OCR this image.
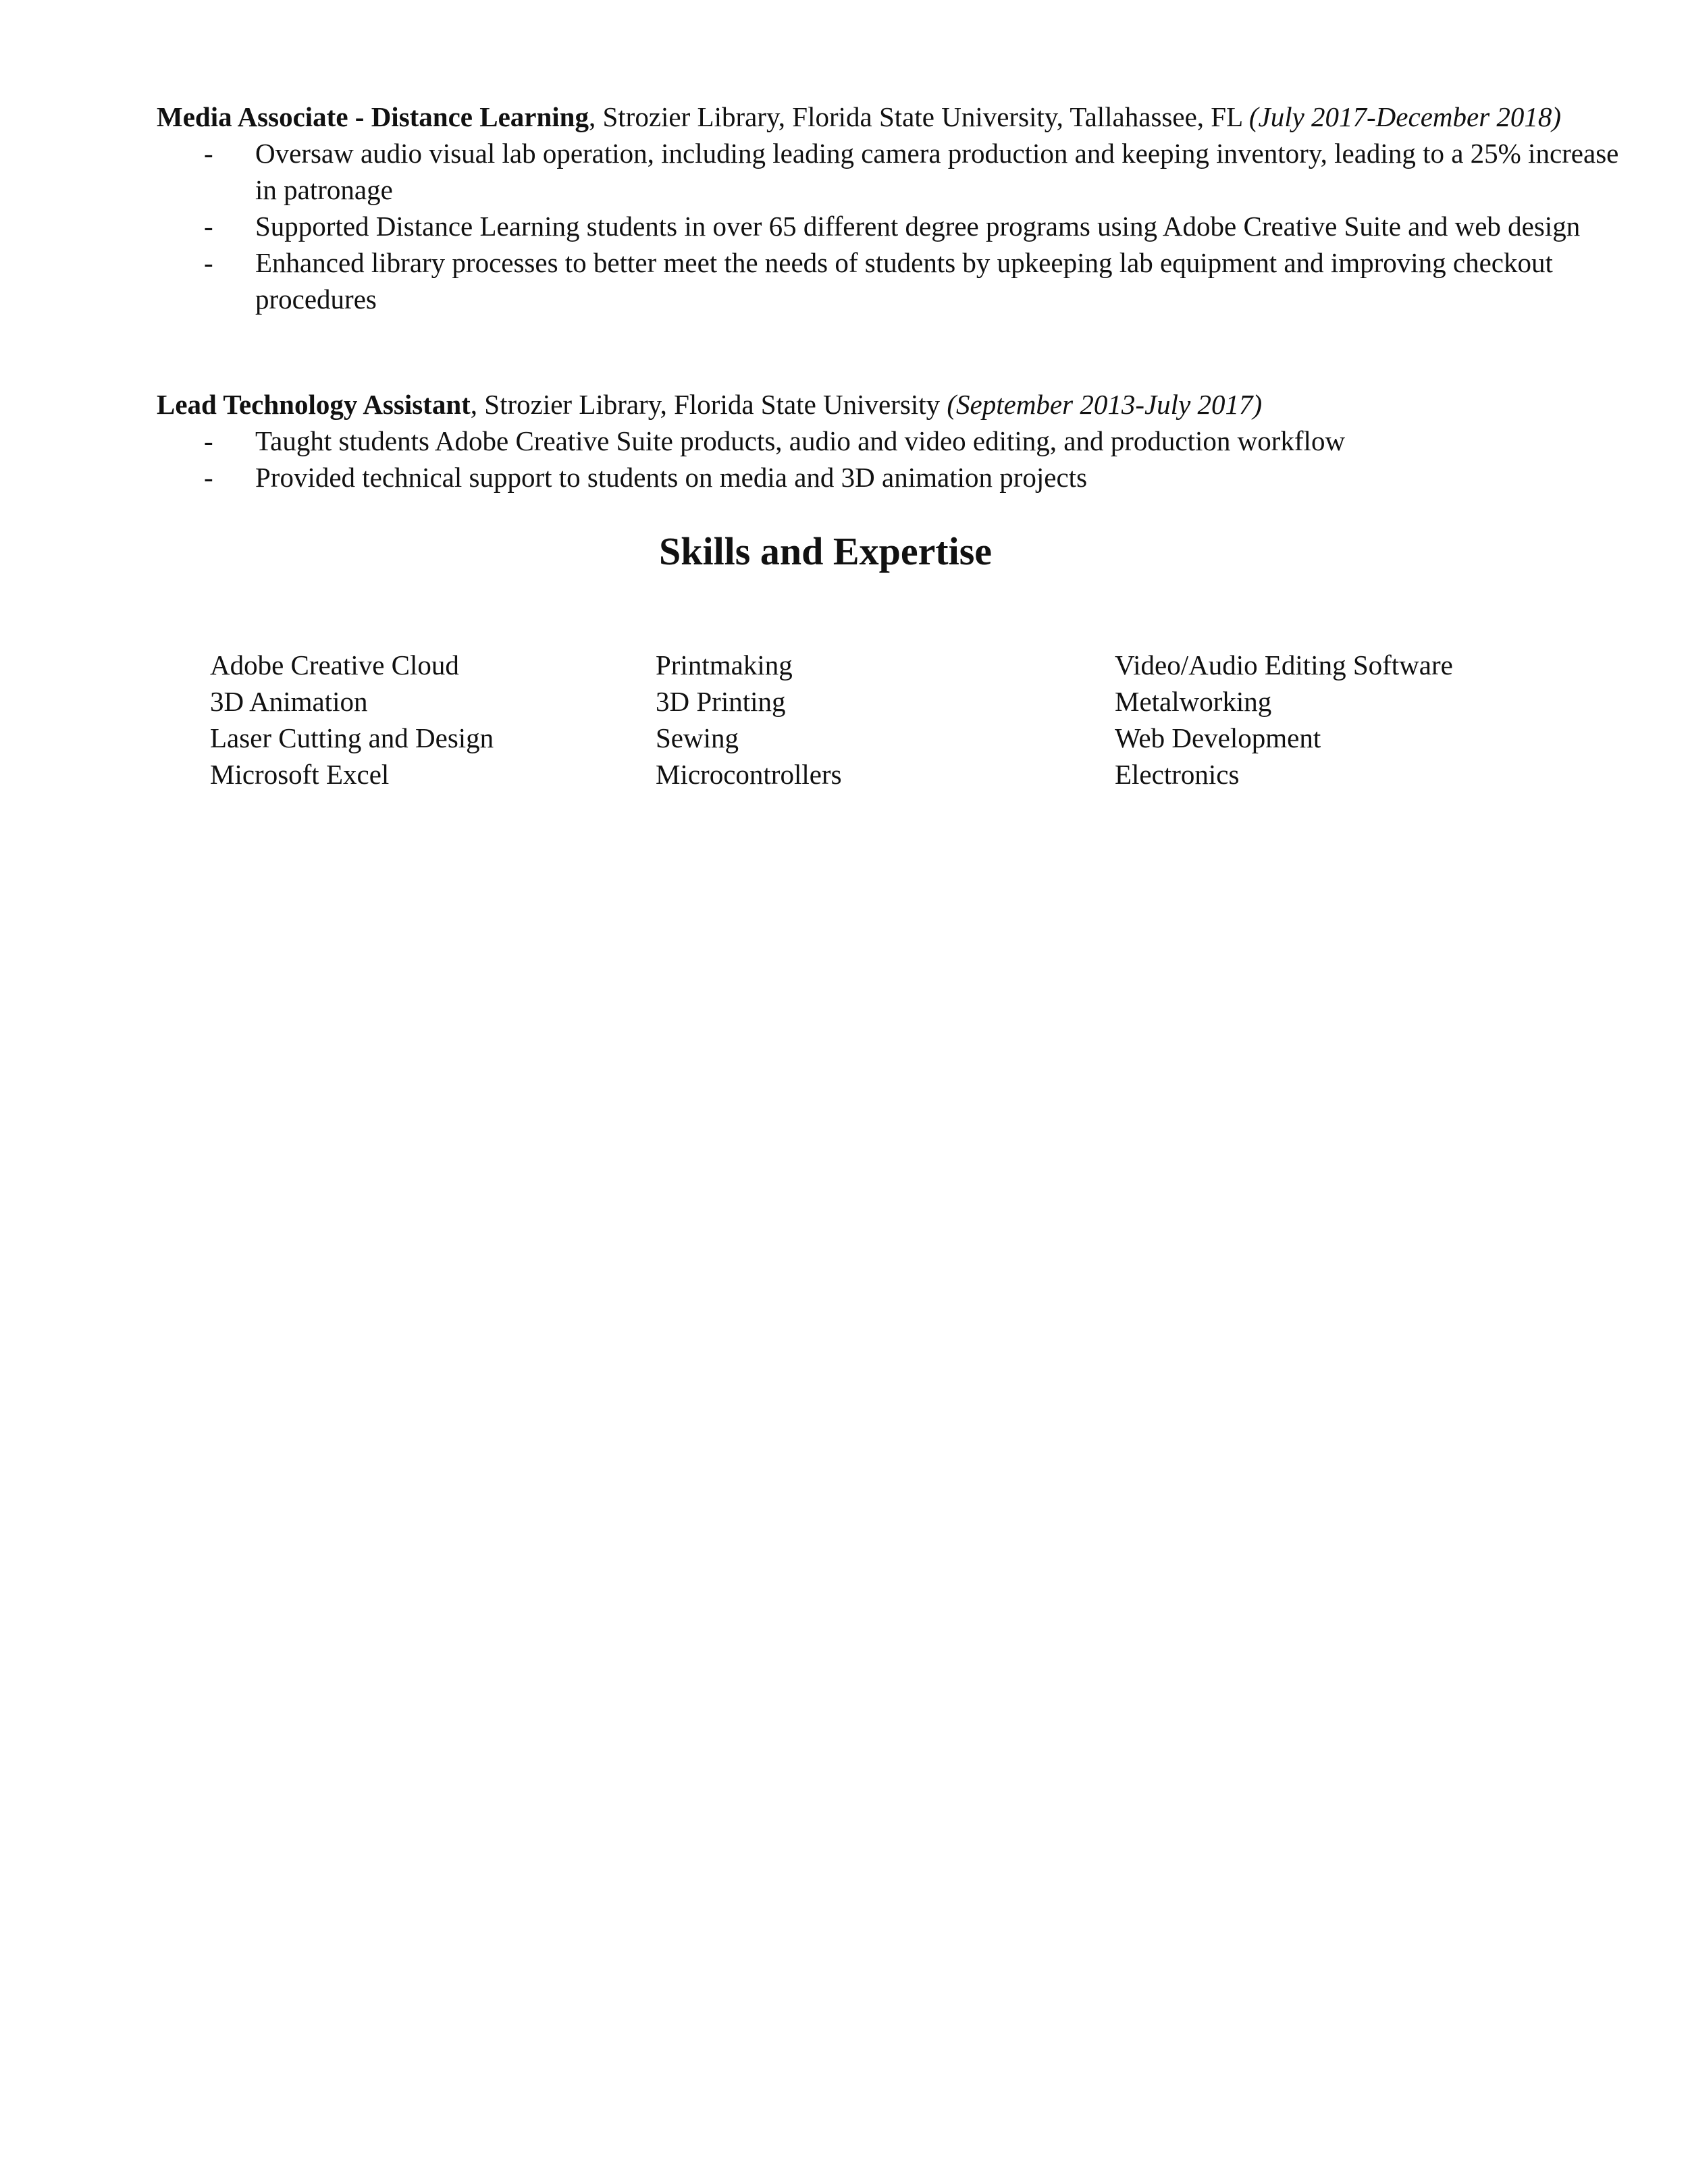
Media Associate - Distance Learning, Strozier Library, Florida State University, Tallahassee, FL (July 2017-December 2018)
- Oversaw audio visual lab operation, including leading camera production and keeping inventory, leading to a 25% increase in patronage
- Supported Distance Learning students in over 65 different degree programs using Adobe Creative Suite and web design
- Enhanced library processes to better meet the needs of students by upkeeping lab equipment and improving checkout procedures
Lead Technology Assistant, Strozier Library, Florida State University (September 2013-July 2017)
- Taught students Adobe Creative Suite products, audio and video editing, and production workflow
- Provided technical support to students on media and 3D animation projects
Skills and Expertise
Adobe Creative Cloud
3D Animation
Laser Cutting and Design
Microsoft Excel
Printmaking
3D Printing
Sewing
Microcontrollers
Video/Audio Editing Software
Metalworking
Web Development
Electronics
